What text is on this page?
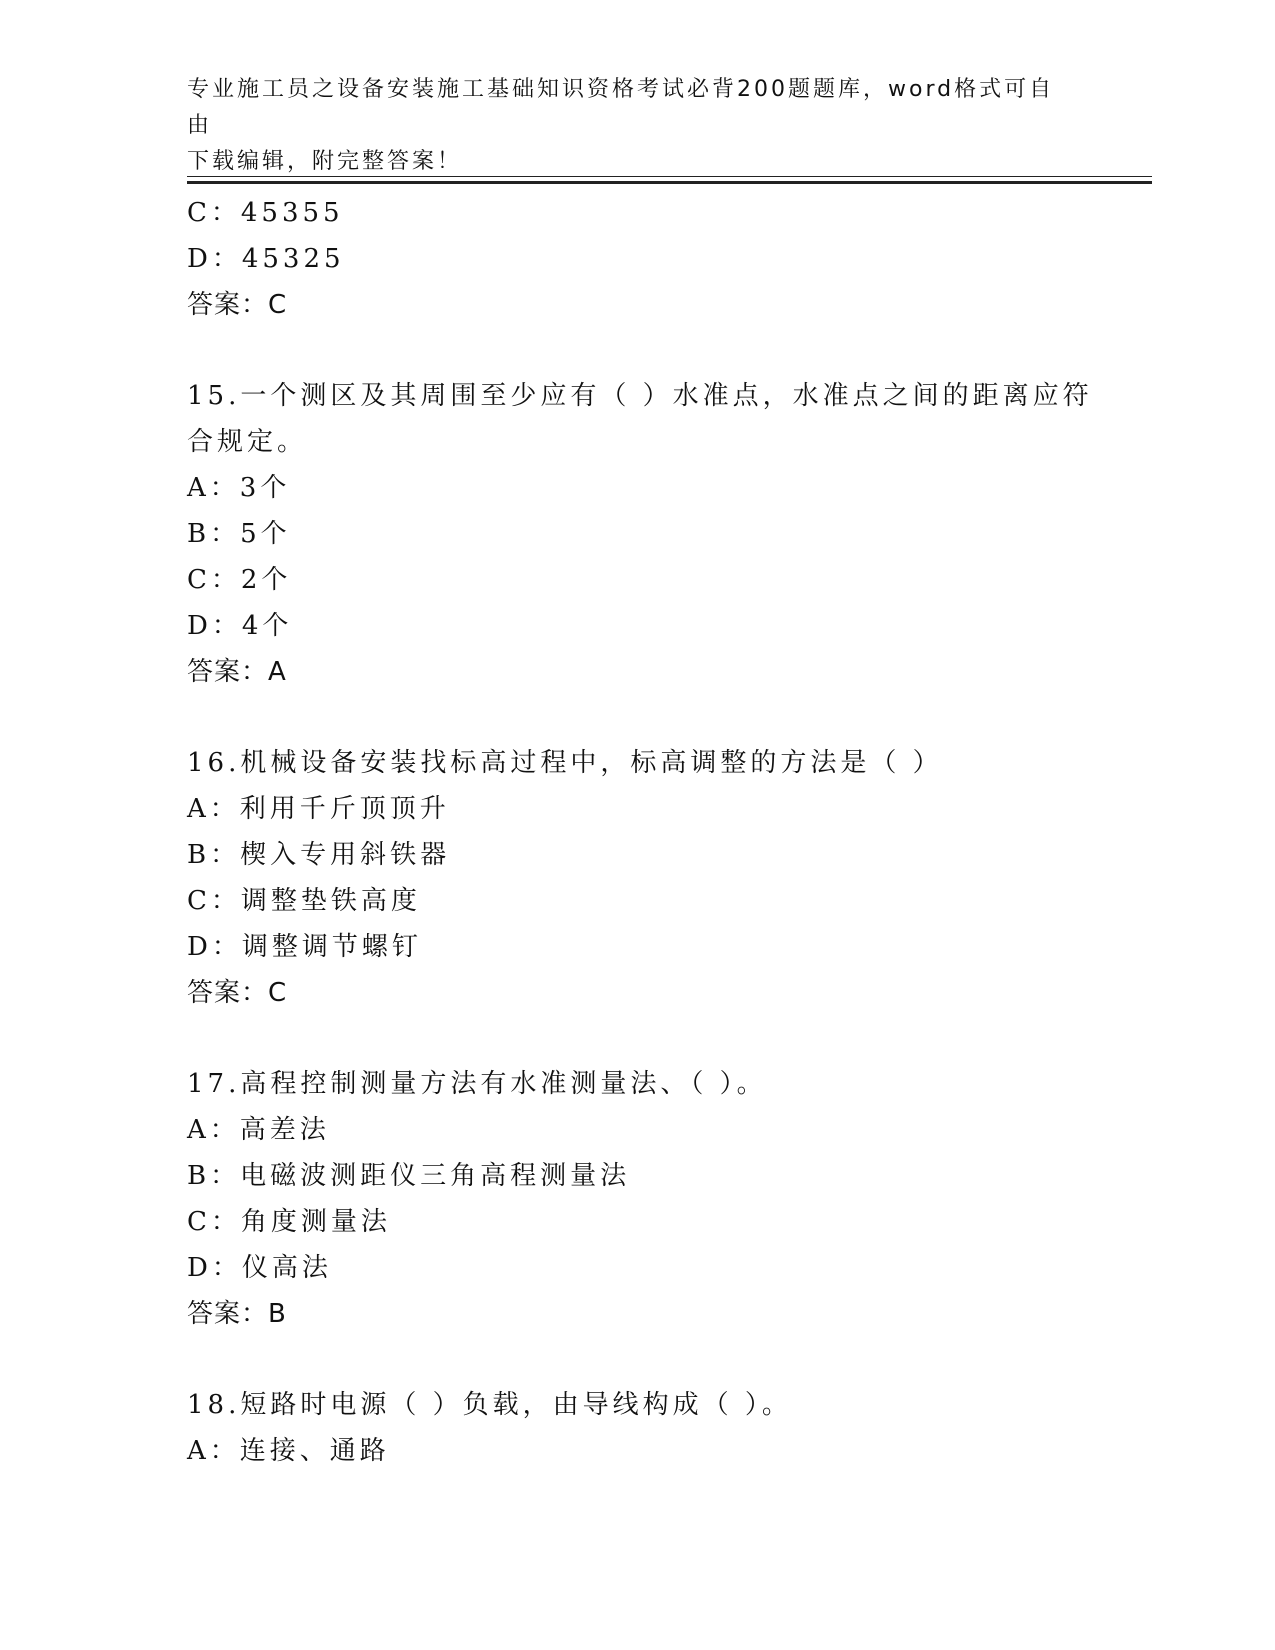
专业施工员之设备安装施工基础知识资格考试必背200题题库，word格式可自由
下载编辑，附完整答案！
C：45355
D：45325
答案：C
15.一个测区及其周围至少应有（ ）水准点，水准点之间的距离应符
合规定。
A：3个
B：5个
C：2个
D：4个
答案：A
16.机械设备安装找标高过程中，标高调整的方法是（ ）
A：利用千斤顶顶升
B：楔入专用斜铁器
C：调整垫铁高度
D：调整调节螺钉
答案：C
17.高程控制测量方法有水准测量法、（ ）。
A：高差法
B：电磁波测距仪三角高程测量法
C：角度测量法
D：仪高法
答案：B
18.短路时电源（ ）负载，由导线构成（ ）。
A：连接、通路
